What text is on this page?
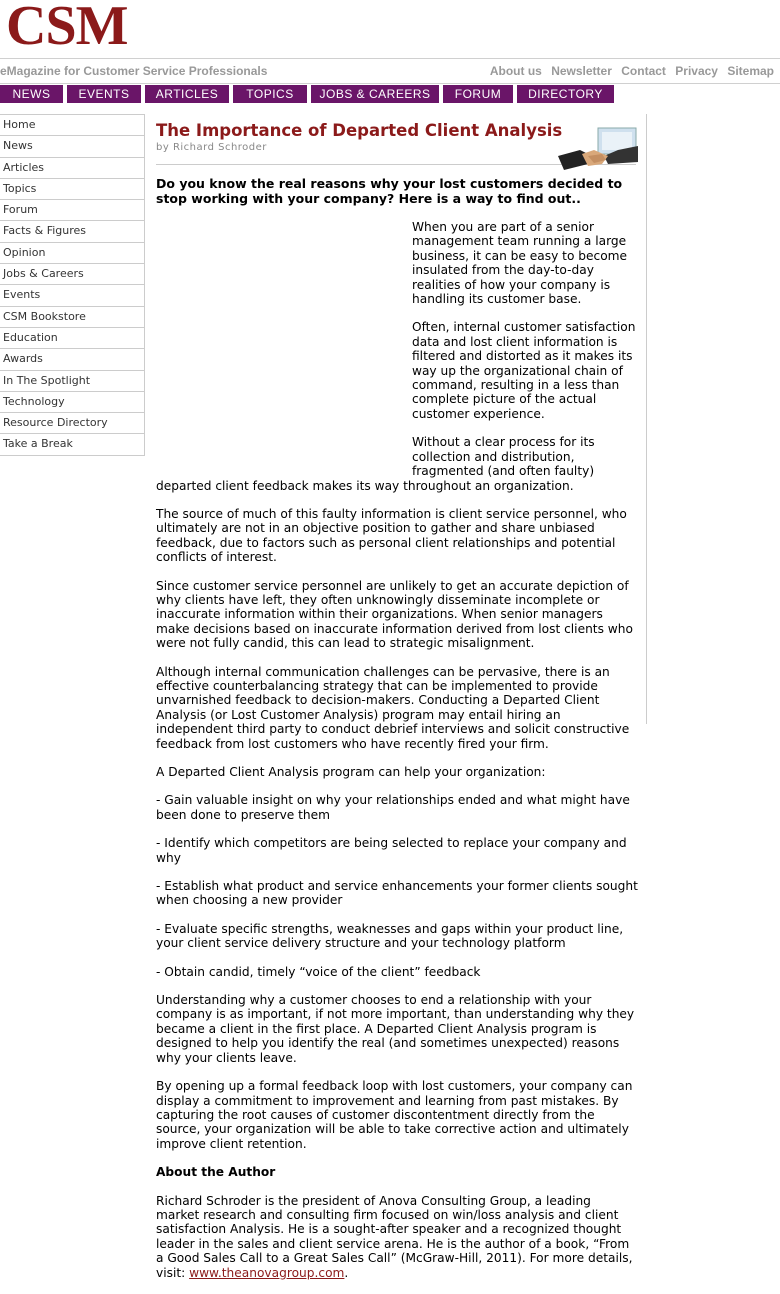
CSM
eMagazine for Customer Service Professionals	About us Newsletter Contact Privacy Sitemap
NEWS	EVENTS	ARTICLES	TOPICS	JOBS & CAREERS	FORUM	DIRECTORY
Home
News
Articles
Topics
Forum
Facts & Figures
Opinion
Jobs & Careers
Events
CSM Bookstore
Education
Awards
In The Spotlight
Technology
Resource Directory
Take a Break
The Importance of Departed Client Analysis
by Richard Schroder
Do you know the real reasons why your lost customers decided to stop working with your company? Here is a way to find out..

When you are part of a senior management team running a large business, it can be easy to become insulated from the day-to-day realities of how your company is handling its customer base.

Often, internal customer satisfaction data and lost client information is filtered and distorted as it makes its way up the organizational chain of command, resulting in a less than complete picture of the actual customer experience.

Without a clear process for its collection and distribution, fragmented (and often faulty) departed client feedback makes its way throughout an organization.

The source of much of this faulty information is client service personnel, who ultimately are not in an objective position to gather and share unbiased feedback, due to factors such as personal client relationships and potential conflicts of interest.

Since customer service personnel are unlikely to get an accurate depiction of why clients have left, they often unknowingly disseminate incomplete or inaccurate information within their organizations. When senior managers make decisions based on inaccurate information derived from lost clients who were not fully candid, this can lead to strategic misalignment.

Although internal communication challenges can be pervasive, there is an effective counterbalancing strategy that can be implemented to provide unvarnished feedback to decision-makers. Conducting a Departed Client Analysis (or Lost Customer Analysis) program may entail hiring an independent third party to conduct debrief interviews and solicit constructive feedback from lost customers who have recently fired your firm.

A Departed Client Analysis program can help your organization:

- Gain valuable insight on why your relationships ended and what might have been done to preserve them

- Identify which competitors are being selected to replace your company and why

- Establish what product and service enhancements your former clients sought when choosing a new provider

- Evaluate specific strengths, weaknesses and gaps within your product line, your client service delivery structure and your technology platform

- Obtain candid, timely “voice of the client” feedback

Understanding why a customer chooses to end a relationship with your company is as important, if not more important, than understanding why they became a client in the first place. A Departed Client Analysis program is designed to help you identify the real (and sometimes unexpected) reasons why your clients leave.

By opening up a formal feedback loop with lost customers, your company can display a commitment to improvement and learning from past mistakes. By capturing the root causes of customer discontentment directly from the source, your organization will be able to take corrective action and ultimately improve client retention.

About the Author

Richard Schroder is the president of Anova Consulting Group, a leading market research and consulting firm focused on win/loss analysis and client satisfaction Analysis. He is a sought-after speaker and a recognized thought leader in the sales and client service arena. He is the author of a book, “From a Good Sales Call to a Great Sales Call” (McGraw-Hill, 2011). For more details, visit: www.theanovagroup.com.
